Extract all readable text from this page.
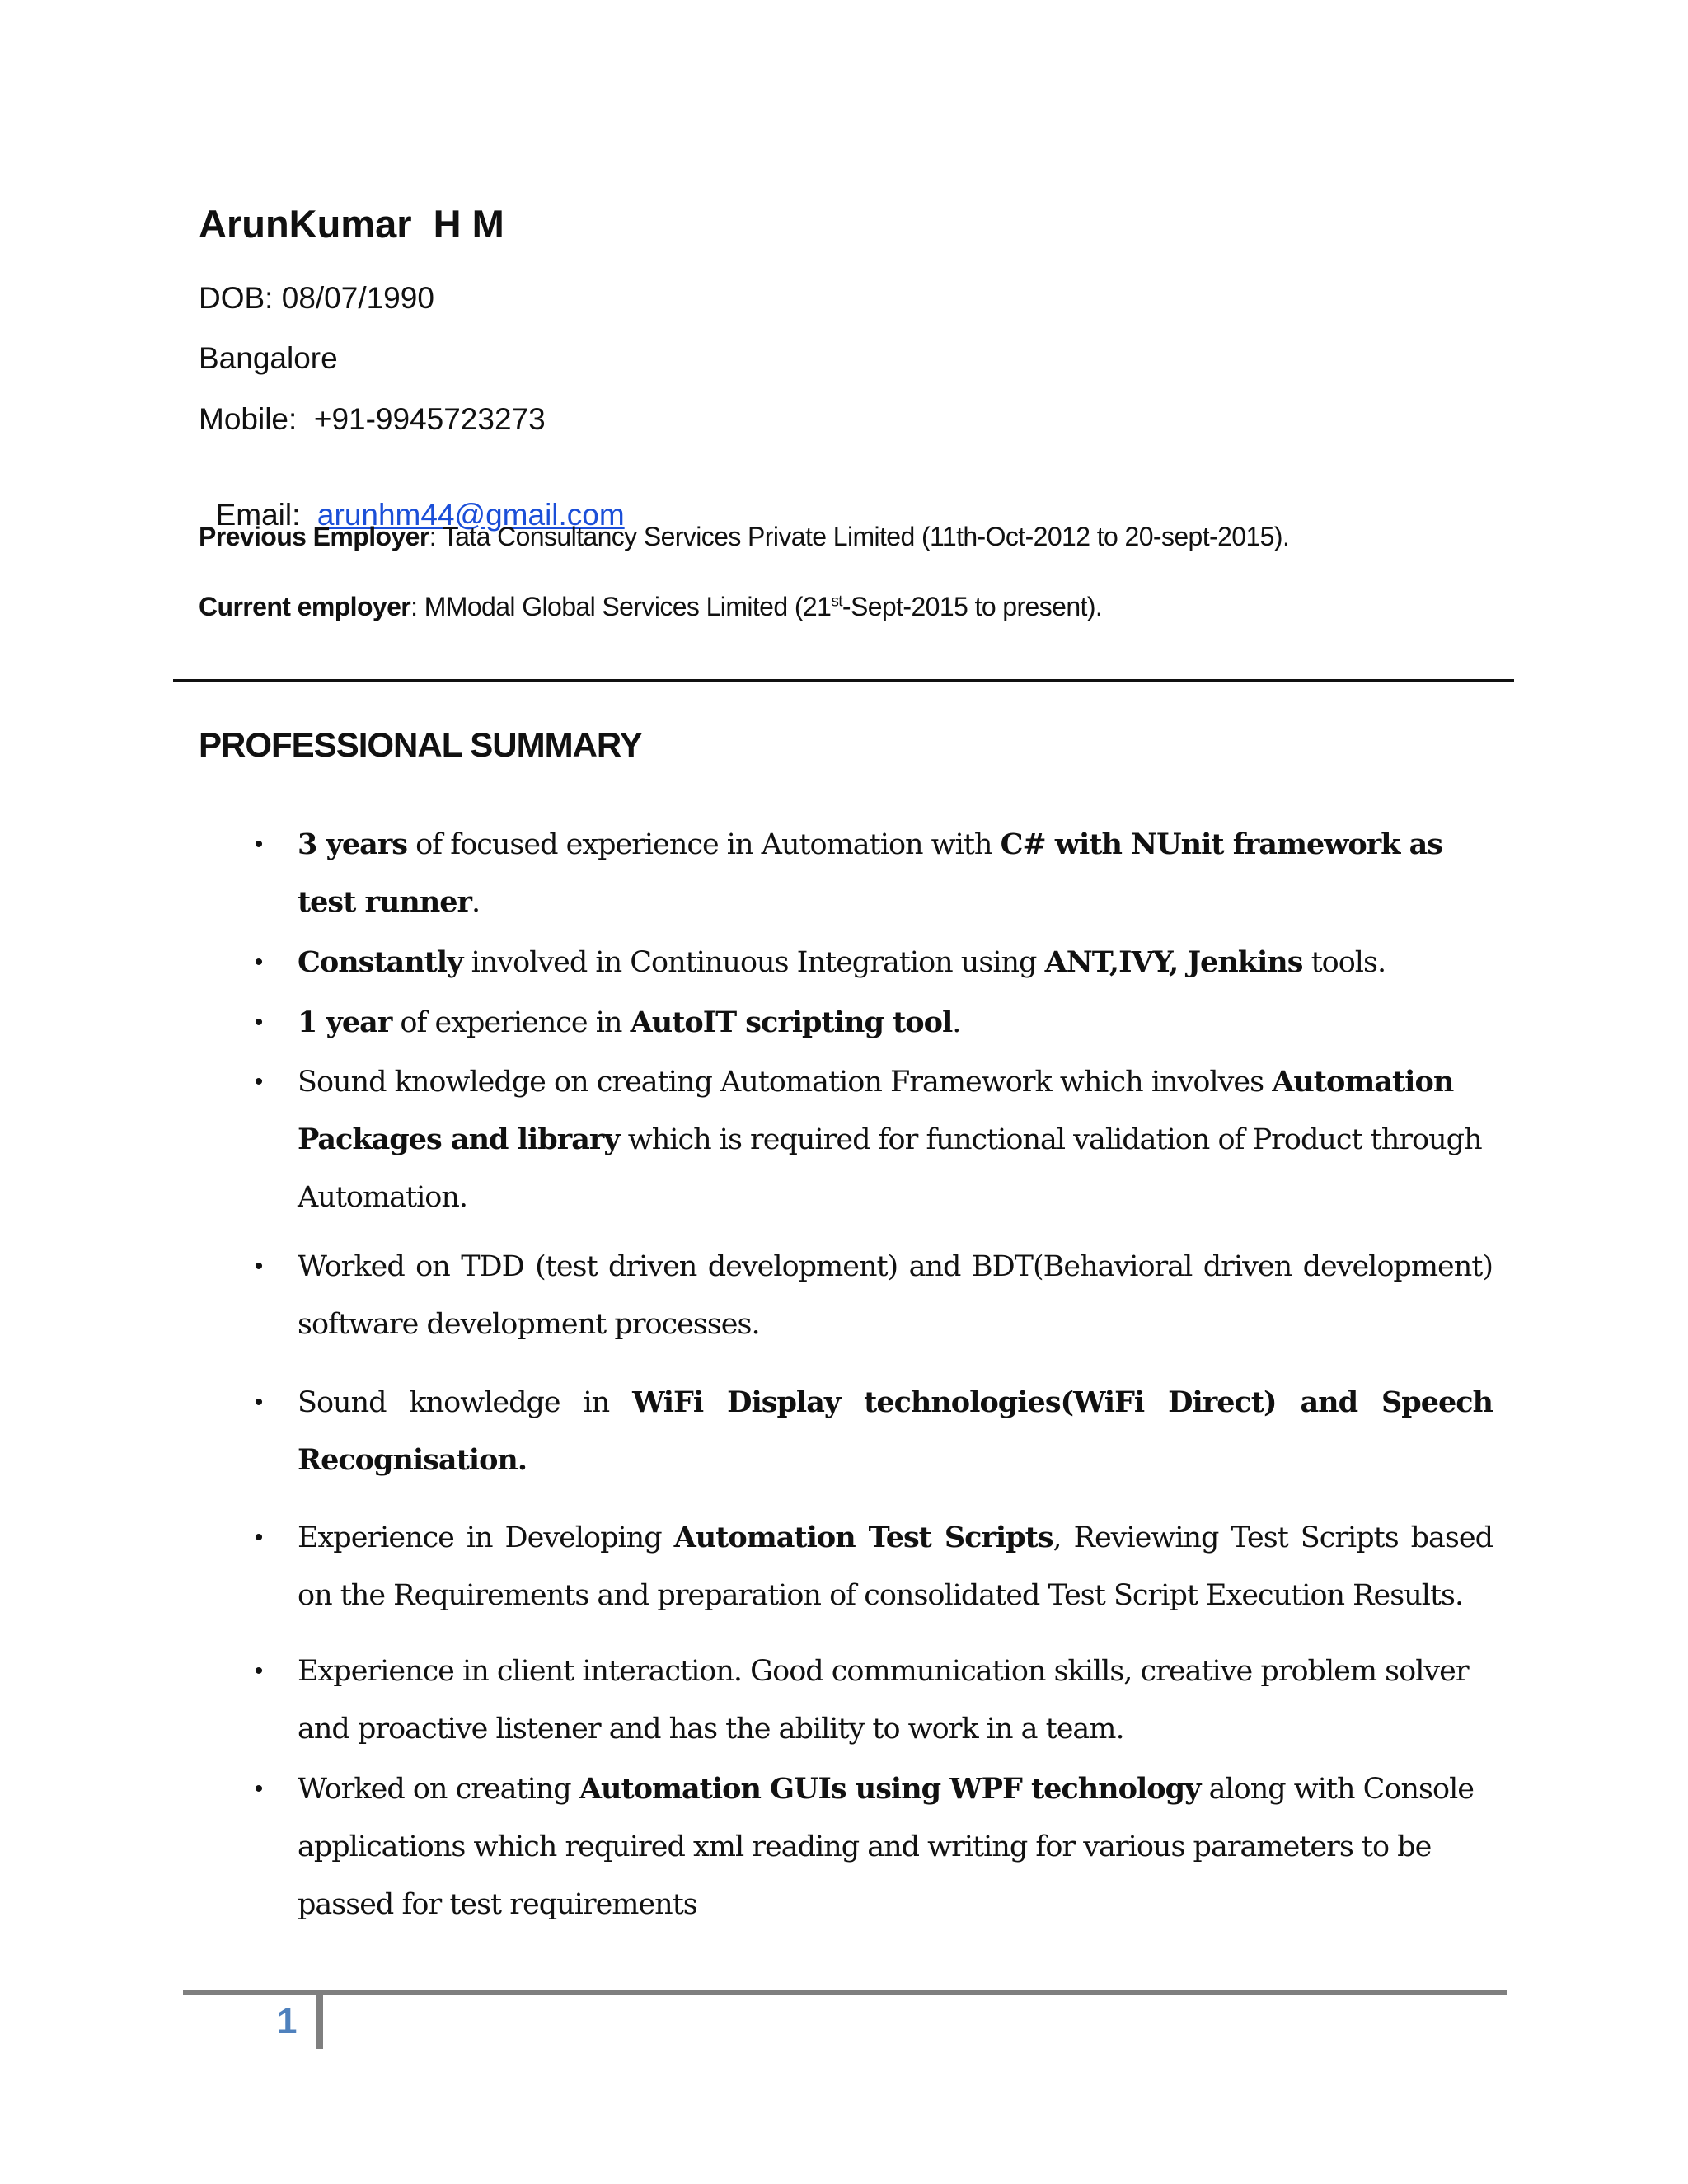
ArunKumar  H M
DOB: 08/07/1990
Bangalore
Mobile:  +91-9945723273

Email:  arunhm44@gmail.com

Previous Employer: Tata Consultancy Services Private Limited (11th-Oct-2012 to 20-sept-2015).
Current employer: MModal Global Services Limited (21st-Sept-2015 to present).
PROFESSIONAL SUMMARY
• 3 years of focused experience in Automation with C# with NUnit framework as test runner.
• Constantly involved in Continuous Integration using ANT,IVY, Jenkins tools.
• 1 year of experience in AutoIT scripting tool.
• Sound knowledge on creating Automation Framework which involves Automation Packages and library which is required for functional validation of Product through Automation.
• Worked on TDD (test driven development) and BDT(Behavioral driven development) software development processes.
• Sound knowledge in WiFi Display technologies(WiFi Direct) and Speech Recognisation.
• Experience in Developing Automation Test Scripts, Reviewing Test Scripts based on the Requirements and preparation of consolidated Test Script Execution Results.
• Experience in client interaction. Good communication skills, creative problem solver and proactive listener and has the ability to work in a team.
• Worked on creating Automation GUIs using WPF technology along with Console applications which required xml reading and writing for various parameters to be passed for test requirements
1
